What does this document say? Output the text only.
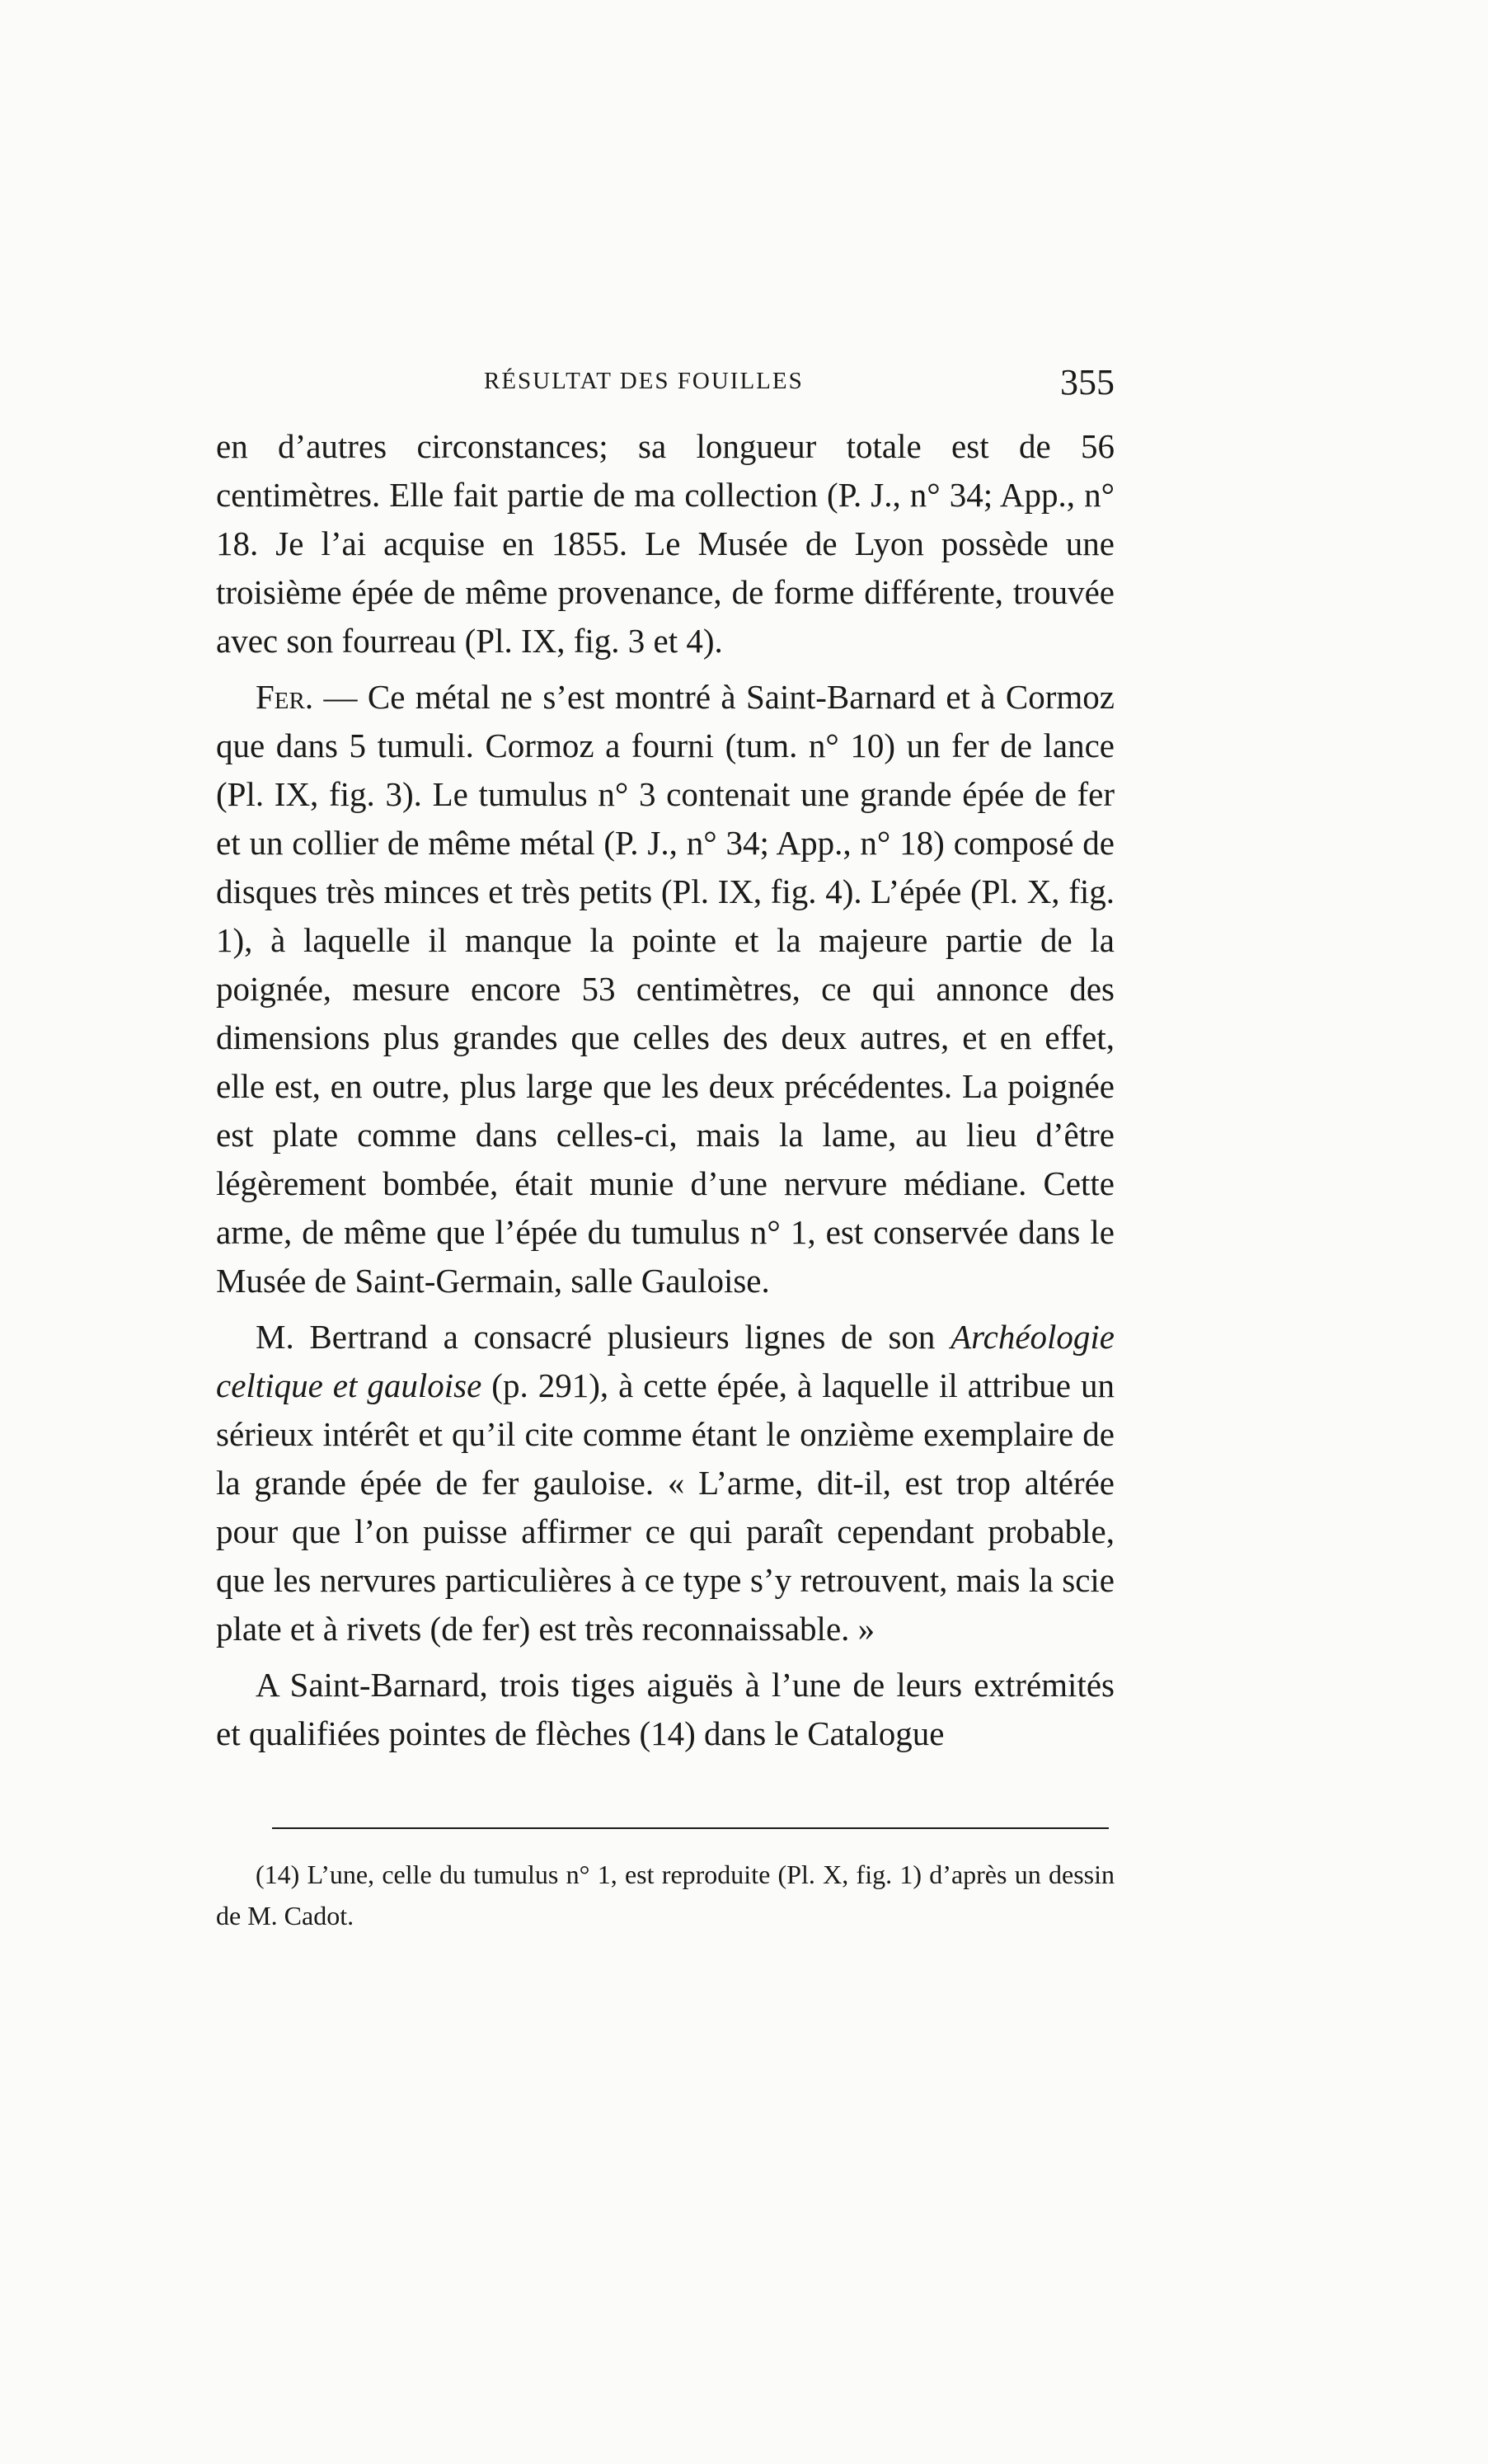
RÉSULTAT DES FOUILLES	355

en d’autres circonstances; sa longueur totale est de 56 centimètres. Elle fait partie de ma collection (P. J., n° 34; App., n° 18. Je l’ai acquise en 1855. Le Musée de Lyon possède une troisième épée de même provenance, de forme différente, trouvée avec son fourreau (Pl. IX, fig. 3 et 4).

Fer. — Ce métal ne s’est montré à Saint-Barnard et à Cormoz que dans 5 tumuli. Cormoz a fourni (tum. n° 10) un fer de lance (Pl. IX, fig. 3). Le tumulus n° 3 contenait une grande épée de fer et un collier de même métal (P. J., n° 34; App., n° 18) composé de disques très minces et très petits (Pl. IX, fig. 4). L’épée (Pl. X, fig. 1), à laquelle il manque la pointe et la majeure partie de la poignée, mesure encore 53 centimètres, ce qui annonce des dimensions plus grandes que celles des deux autres, et en effet, elle est, en outre, plus large que les deux précédentes. La poignée est plate comme dans celles-ci, mais la lame, au lieu d’être légèrement bombée, était munie d’une nervure médiane. Cette arme, de même que l’épée du tumulus n° 1, est conservée dans le Musée de Saint-Germain, salle Gauloise.

M. Bertrand a consacré plusieurs lignes de son Archéologie celtique et gauloise (p. 291), à cette épée, à laquelle il attribue un sérieux intérêt et qu’il cite comme étant le onzième exemplaire de la grande épée de fer gauloise. « L’arme, dit-il, est trop altérée pour que l’on puisse affirmer ce qui paraît cependant probable, que les nervures particulières à ce type s’y retrouvent, mais la scie plate et à rivets (de fer) est très reconnaissable. »

A Saint-Barnard, trois tiges aiguës à l’une de leurs extrémités et qualifiées pointes de flèches (14) dans le Catalogue

(14) L’une, celle du tumulus n° 1, est reproduite (Pl. X, fig. 1) d’après un dessin de M. Cadot.
